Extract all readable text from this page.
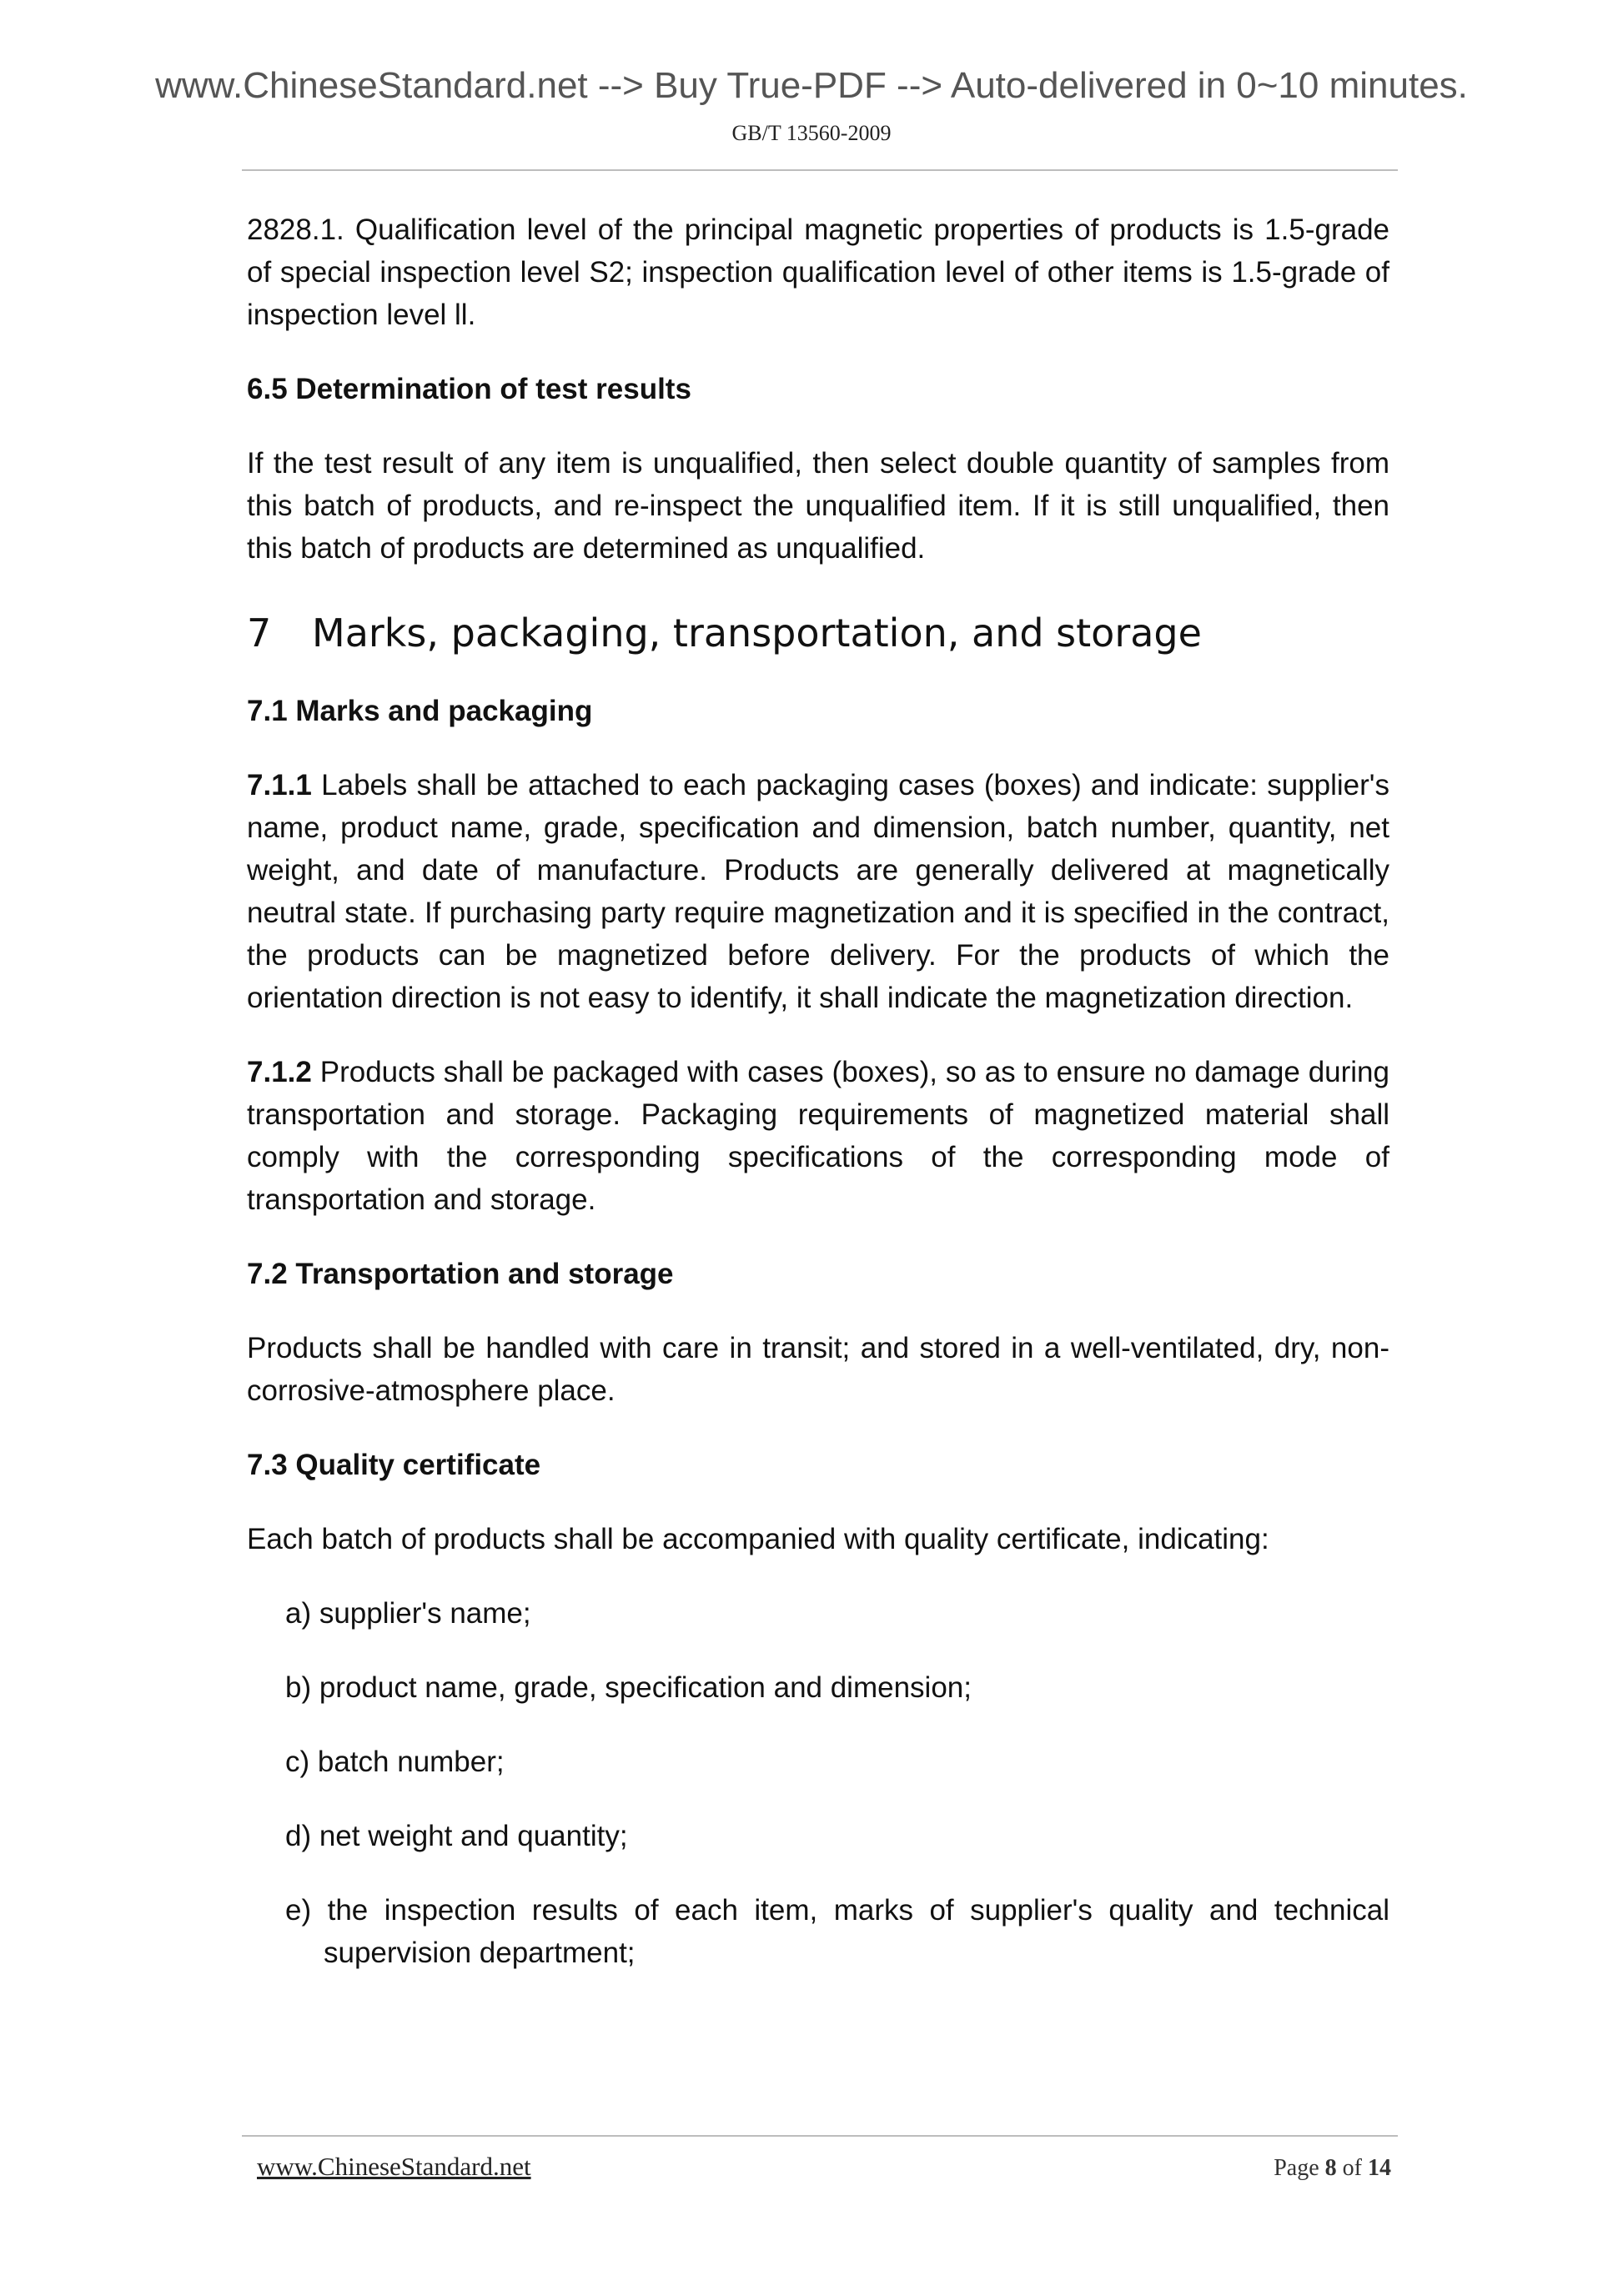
www.ChineseStandard.net --> Buy True-PDF --> Auto-delivered in 0~10 minutes.
GB/T 13560-2009

2828.1. Qualification level of the principal magnetic properties of products is 1.5-grade of special inspection level S2; inspection qualification level of other items is 1.5-grade of inspection level ll.

6.5 Determination of test results

If the test result of any item is unqualified, then select double quantity of samples from this batch of products, and re-inspect the unqualified item. If it is still unqualified, then this batch of products are determined as unqualified.

7 Marks, packaging, transportation, and storage

7.1 Marks and packaging

7.1.1 Labels shall be attached to each packaging cases (boxes) and indicate: supplier's name, product name, grade, specification and dimension, batch number, quantity, net weight, and date of manufacture. Products are generally delivered at magnetically neutral state. If purchasing party require magnetization and it is specified in the contract, the products can be magnetized before delivery. For the products of which the orientation direction is not easy to identify, it shall indicate the magnetization direction.

7.1.2 Products shall be packaged with cases (boxes), so as to ensure no damage during transportation and storage. Packaging requirements of magnetized material shall comply with the corresponding specifications of the corresponding mode of transportation and storage.

7.2 Transportation and storage

Products shall be handled with care in transit; and stored in a well-ventilated, dry, non-corrosive-atmosphere place.

7.3 Quality certificate

Each batch of products shall be accompanied with quality certificate, indicating:

a) supplier's name;
b) product name, grade, specification and dimension;
c) batch number;
d) net weight and quantity;
e) the inspection results of each item, marks of supplier's quality and technical supervision department;
www.ChineseStandard.net	Page 8 of 14
